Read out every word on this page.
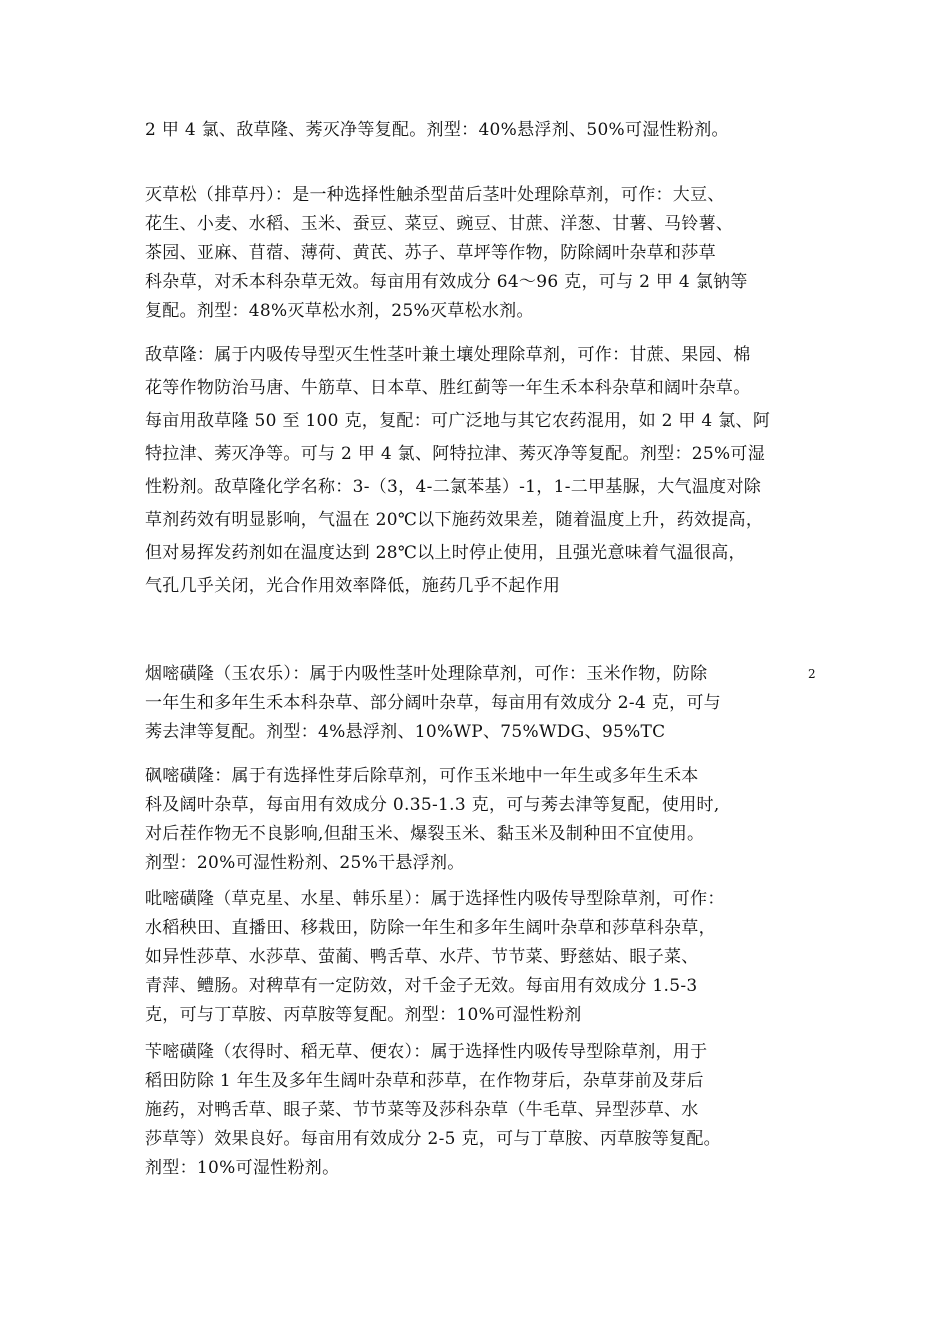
2 甲 4 氯、敌草隆、莠灭净等复配。剂型：40%悬浮剂、50%可湿性粉剂。
灭草松（排草丹）：是一种选择性触杀型苗后茎叶处理除草剂，可作：大豆、
花生、小麦、水稻、玉米、蚕豆、菜豆、豌豆、甘蔗、洋葱、甘薯、马铃薯、
茶园、亚麻、苜蓿、薄荷、黄芪、苏子、草坪等作物，防除阔叶杂草和莎草
科杂草，对禾本科杂草无效。每亩用有效成分 64～96 克，可与 2 甲 4 氯钠等
复配。剂型：48%灭草松水剂，25%灭草松水剂。
敌草隆：属于内吸传导型灭生性茎叶兼土壤处理除草剂，可作：甘蔗、果园、棉
花等作物防治马唐、牛筋草、日本草、胜红蓟等一年生禾本科杂草和阔叶杂草。
每亩用敌草隆 50 至 100 克，复配：可广泛地与其它农药混用，如 2 甲 4 氯、阿
特拉津、莠灭净等。可与 2 甲 4 氯、阿特拉津、莠灭净等复配。剂型：25%可湿
性粉剂。敌草隆化学名称：3-（3，4-二氯苯基）-1，1-二甲基脲，大气温度对除
草剂药效有明显影响，气温在 20℃以下施药效果差，随着温度上升，药效提高，
但对易挥发药剂如在温度达到 28℃以上时停止使用，且强光意味着气温很高，
气孔几乎关闭，光合作用效率降低，施药几乎不起作用
烟嘧磺隆（玉农乐）：属于内吸性茎叶处理除草剂，可作：玉米作物，防除	2
一年生和多年生禾本科杂草、部分阔叶杂草，每亩用有效成分 2-4 克，可与
莠去津等复配。剂型：4%悬浮剂、10%WP、75%WDG、95%TC
砜嘧磺隆：属于有选择性芽后除草剂，可作玉米地中一年生或多年生禾本
科及阔叶杂草，每亩用有效成分 0.35-1.3 克，可与莠去津等复配，使用时,
对后茬作物无不良影响,但甜玉米、爆裂玉米、黏玉米及制种田不宜使用。
剂型：20%可湿性粉剂、25%干悬浮剂。
吡嘧磺隆（草克星、水星、韩乐星）：属于选择性内吸传导型除草剂，可作：
水稻秧田、直播田、移栽田，防除一年生和多年生阔叶杂草和莎草科杂草，
如异性莎草、水莎草、萤蔺、鸭舌草、水芹、节节菜、野慈姑、眼子菜、
青萍、鳢肠。对稗草有一定防效，对千金子无效。每亩用有效成分 1.5-3
克，可与丁草胺、丙草胺等复配。剂型：10%可湿性粉剂
苄嘧磺隆（农得时、稻无草、便农）：属于选择性内吸传导型除草剂，用于
稻田防除 1 年生及多年生阔叶杂草和莎草，在作物芽后，杂草芽前及芽后
施药，对鸭舌草、眼子菜、节节菜等及莎科杂草（牛毛草、异型莎草、水
莎草等）效果良好。每亩用有效成分 2-5 克，可与丁草胺、丙草胺等复配。
剂型：10%可湿性粉剂。
